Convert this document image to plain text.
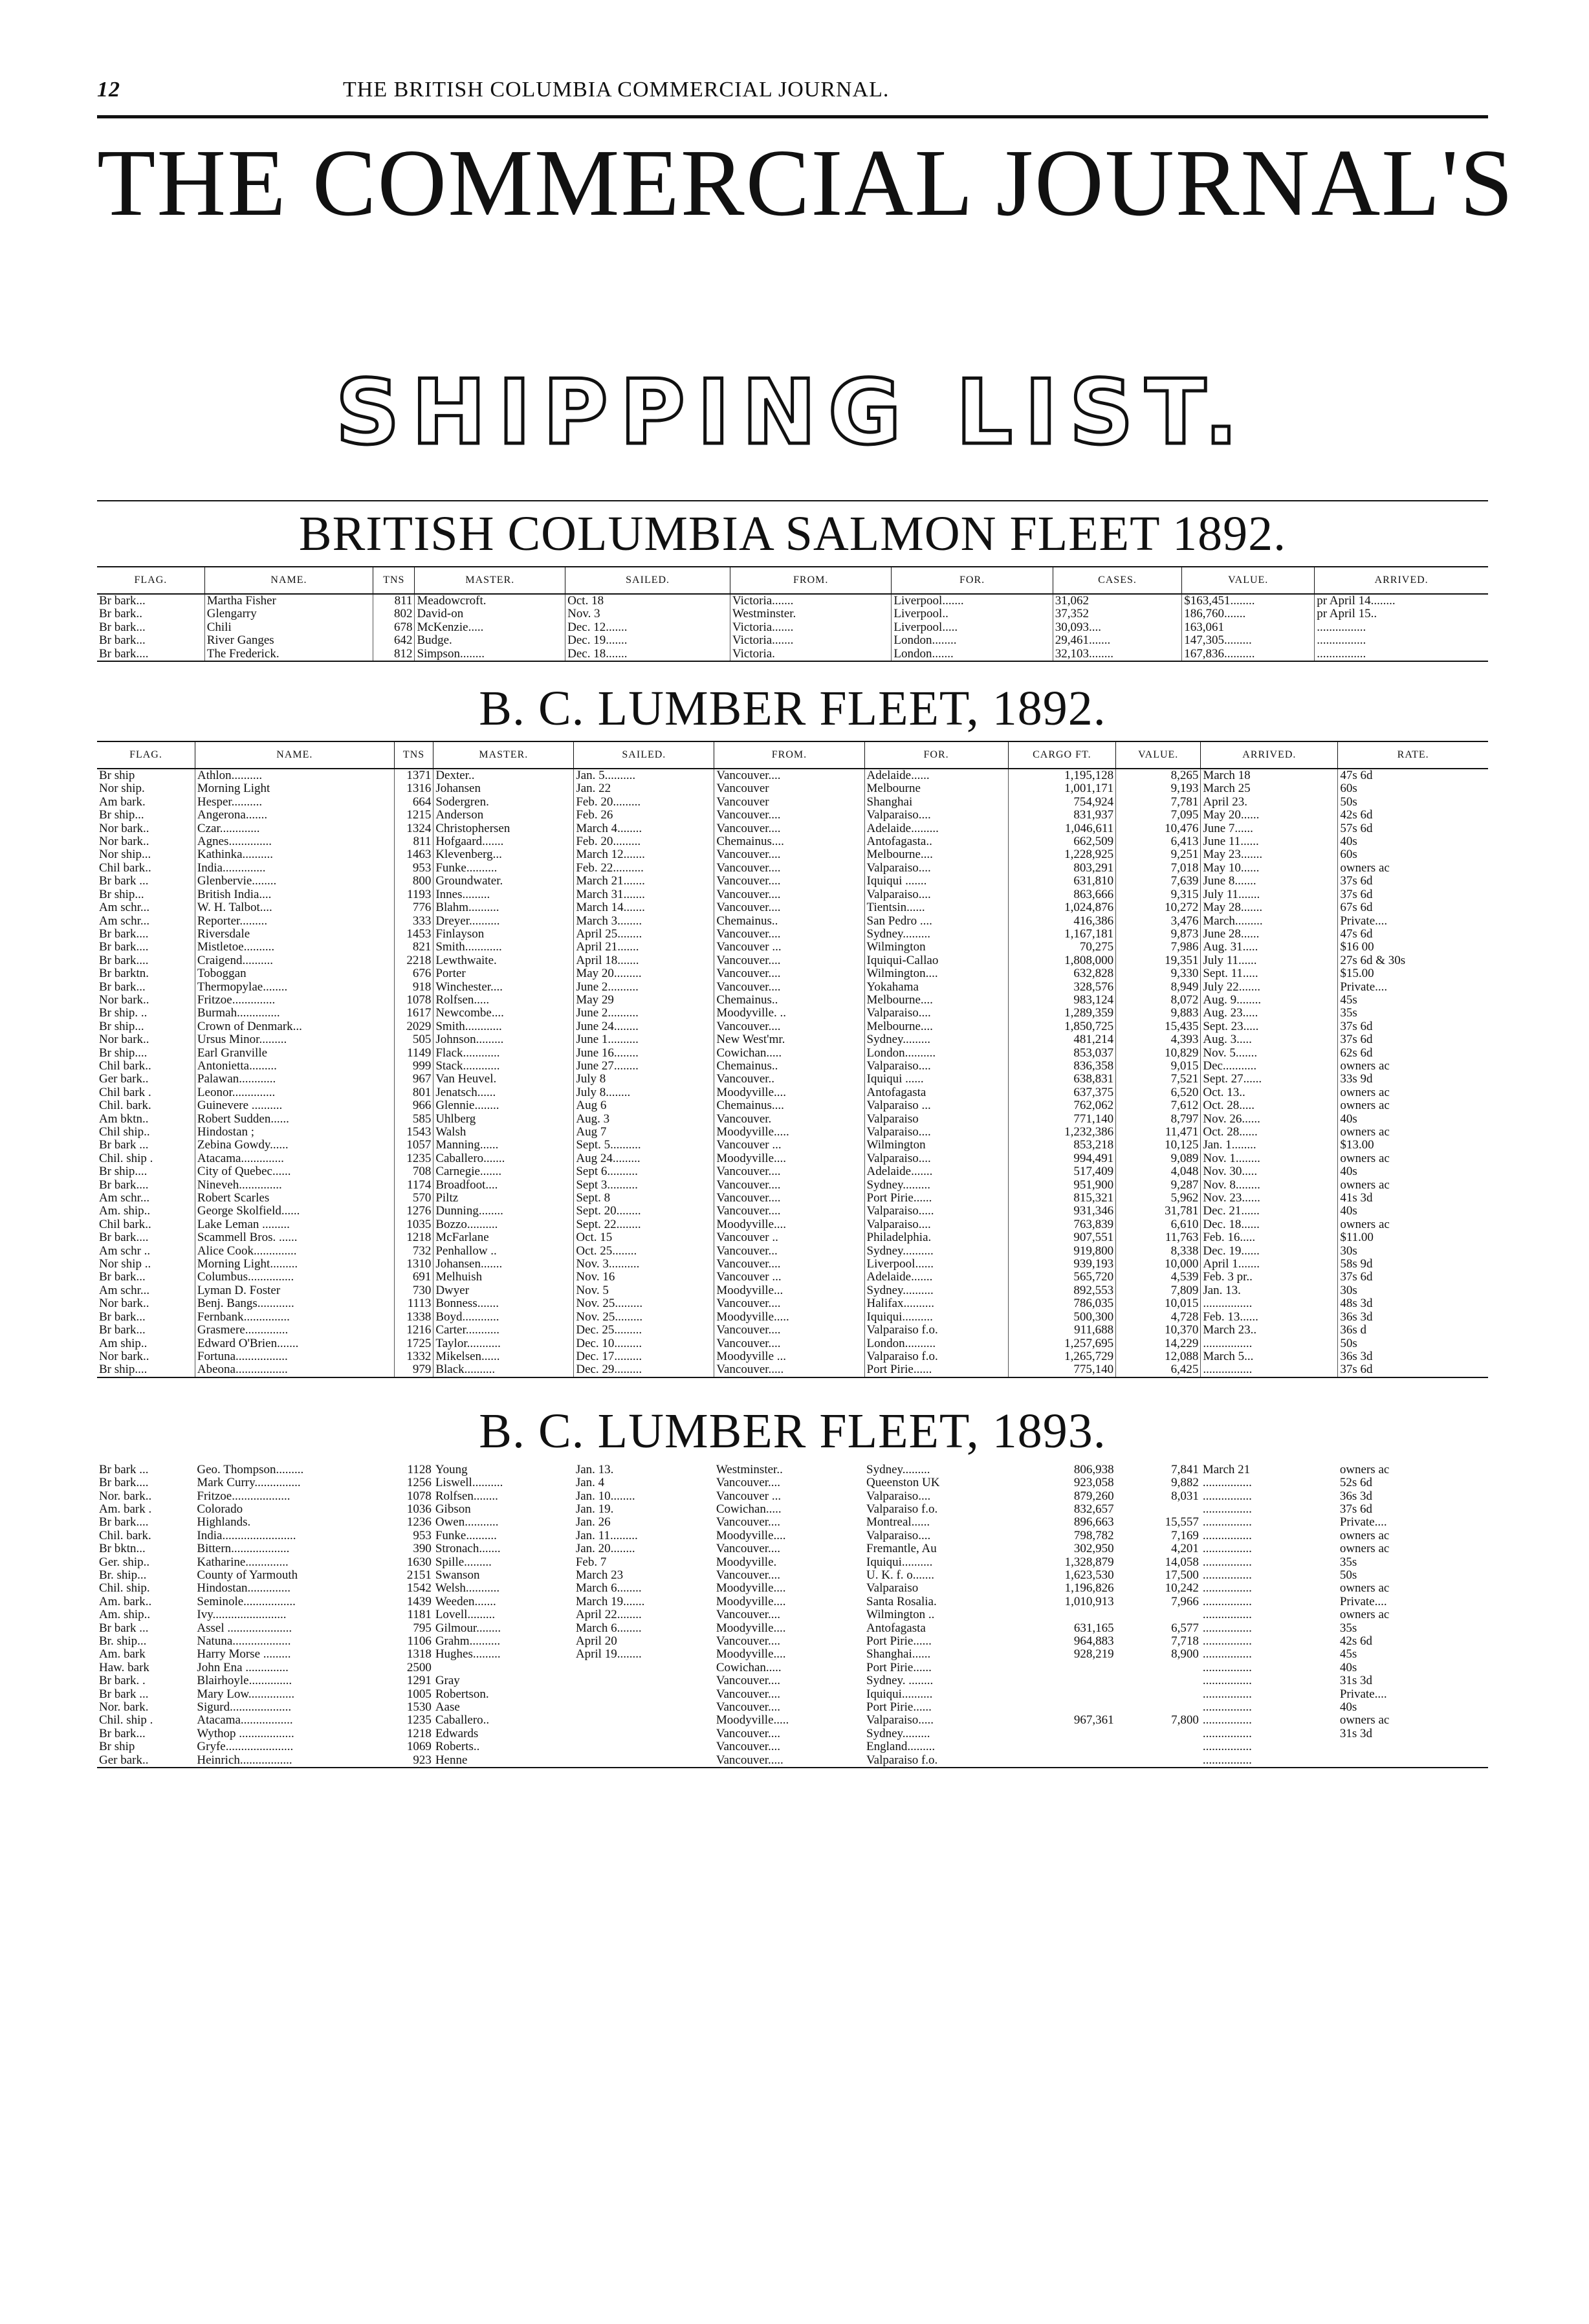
12	THE BRITISH COLUMBIA COMMERCIAL JOURNAL.
THE COMMERCIAL JOURNAL'S
SHIPPING LIST.
BRITISH COLUMBIA SALMON FLEET 1892.
FLAG.	NAME.	TNS	MASTER.	SAILED.	FROM.	FOR.	CASES.	VALUE.	ARRIVED.
Br bark...	Martha Fisher	811	Meadowcroft.	Oct. 18	Victoria.......	Liverpool.......	31,062	$163,451........	pr April 14........
Br bark..	Glengarry	802	David-on	Nov. 3	Westminster.	Liverpool..	37,352	186,760.......	pr April 15..
Br bark...	Chili	678	McKenzie.....	Dec. 12.......	Victoria.......	Liverpool.....	30,093....	163,061	................
Br bark...	River Ganges	642	Budge.	Dec. 19.......	Victoria.......	London........	29,461.......	147,305.........	................
Br bark....	The Frederick.	812	Simpson........	Dec. 18.......	Victoria.	London.......	32,103........	167,836..........	................
B. C. LUMBER FLEET, 1892.
FLAG.	NAME.	TNS	MASTER.	SAILED.	FROM.	FOR.	CARGO FT.	VALUE.	ARRIVED.	RATE.
Br ship	Athlon..........	1371	Dexter..	Jan. 5..........	Vancouver....	Adelaide......	1,195,128	8,265	March 18	47s 6d
Nor ship.	Morning Light	1316	Johansen	Jan. 22	Vancouver	Melbourne	1,001,171	9,193	March 25	60s
Am bark.	Hesper..........	664	Sodergren.	Feb. 20.........	Vancouver	Shanghai	754,924	7,781	April 23.	50s
Br ship...	Angerona.......	1215	Anderson	Feb. 26	Vancouver....	Valparaiso....	831,937	7,095	May 20......	42s 6d
Nor bark..	Czar.............	1324	Christophersen	March 4........	Vancouver....	Adelaide.........	1,046,611	10,476	June 7......	57s 6d
Nor bark..	Agnes..............	811	Hofgaard.......	Feb. 20.........	Chemainus....	Antofagasta..	662,509	6,413	June 11......	40s
Nor ship...	Kathinka..........	1463	Klevenberg...	March 12.......	Vancouver....	Melbourne....	1,228,925	9,251	May 23.......	60s
Chil bark..	India..............	953	Funke..........	Feb. 22..........	Vancouver....	Valparaiso....	803,291	7,018	May 10......	owners ac
Br bark ...	Glenbervie........	800	Groundwater.	March 21.......	Vancouver....	Iquiqui .......	631,810	7,639	June 8.......	37s 6d
Br ship...	British India....	1193	Innes.........	March 31.......	Vancouver....	Valparaiso....	863,666	9,315	July 11.......	37s 6d
Am schr...	W. H. Talbot....	776	Blahm..........	March 14.......	Vancouver....	Tientsin......	1,024,876	10,272	May 28.......	67s 6d
Am schr...	Reporter.........	333	Dreyer..........	March 3........	Chemainus..	San Pedro ....	416,386	3,476	March.........	Private....
Br bark....	Riversdale	1453	Finlayson	April 25........	Vancouver....	Sydney.........	1,167,181	9,873	June 28......	47s 6d
Br bark....	Mistletoe..........	821	Smith............	April 21.......	Vancouver ...	Wilmington	70,275	7,986	Aug. 31.....	$16 00
Br bark....	Craigend..........	2218	Lewthwaite.	April 18.......	Vancouver....	Iquiqui-Callao	1,808,000	19,351	July 11......	27s 6d & 30s
Br barktn.	Toboggan	676	Porter	May 20.........	Vancouver....	Wilmington....	632,828	9,330	Sept. 11.....	$15.00
Br bark...	Thermopylae........	918	Winchester....	June 2..........	Vancouver....	Yokahama	328,576	8,949	July 22.......	Private....
Nor bark..	Fritzoe..............	1078	Rolfsen.....	May 29	Chemainus..	Melbourne....	983,124	8,072	Aug. 9........	45s
Br ship. ..	Burmah..............	1617	Newcombe....	June 2..........	Moodyville. ..	Valparaiso....	1,289,359	9,883	Aug. 23.....	35s
Br ship...	Crown of Denmark...	2029	Smith............	June 24........	Vancouver....	Melbourne....	1,850,725	15,435	Sept. 23.....	37s 6d
Nor bark..	Ursus Minor.........	505	Johnson.........	June 1..........	New West'mr.	Sydney.........	481,214	4,393	Aug. 3.....	37s 6d
Br ship....	Earl Granville	1149	Flack............	June 16........	Cowichan.....	London..........	853,037	10,829	Nov. 5.......	62s 6d
Chil bark..	Antonietta.........	999	Stack............	June 27........	Chemainus..	Valparaiso....	836,358	9,015	Dec...........	owners ac
Ger bark..	Palawan............	967	Van Heuvel.	July 8	Vancouver..	Iquiqui ......	638,831	7,521	Sept. 27......	33s 9d
Chil bark .	Leonor..............	801	Jenatsch......	July 8........	Moodyville....	Antofagasta	637,375	6,520	Oct. 13..	owners ac
Chil. bark.	Guinevere ..........	966	Glennie........	Aug 6	Chemainus....	Valparaiso ...	762,062	7,612	Oct. 28.....	owners ac
Am bktn..	Robert Sudden......	585	Uhlberg	Aug. 3	Vancouver.	Valparaiso	771,140	8,797	Nov. 26......	40s
Chil ship..	Hindostan ;	1543	Walsh	Aug 7	Moodyville.....	Valparaiso....	1,232,386	11,471	Oct. 28......	owners ac
Br bark ...	Zebina Gowdy......	1057	Manning......	Sept. 5..........	Vancouver ...	Wilmington	853,218	10,125	Jan. 1........	$13.00
Chil. ship .	Atacama..............	1235	Caballero.......	Aug 24.........	Moodyville....	Valparaiso....	994,491	9,089	Nov. 1........	owners ac
Br ship....	City of Quebec......	708	Carnegie.......	Sept 6..........	Vancouver....	Adelaide.......	517,409	4,048	Nov. 30.....	40s
Br bark....	Nineveh..............	1174	Broadfoot....	Sept 3..........	Vancouver....	Sydney.........	951,900	9,287	Nov. 8........	owners ac
Am schr...	Robert Scarles	570	Piltz	Sept. 8	Vancouver....	Port Pirie......	815,321	5,962	Nov. 23......	41s 3d
Am. ship..	George Skolfield......	1276	Dunning........	Sept. 20........	Vancouver....	Valparaiso.....	931,346	31,781	Dec. 21......	40s
Chil bark..	Lake Leman .........	1035	Bozzo..........	Sept. 22........	Moodyville....	Valparaiso....	763,839	6,610	Dec. 18......	owners ac
Br bark....	Scammell Bros. ......	1218	McFarlane	Oct. 15	Vancouver ..	Philadelphia.	907,551	11,763	Feb. 16.....	$11.00
Am schr ..	Alice Cook..............	732	Penhallow ..	Oct. 25........	Vancouver...	Sydney..........	919,800	8,338	Dec. 19......	30s
Nor ship ..	Morning Light.........	1310	Johansen.......	Nov. 3..........	Vancouver....	Liverpool......	939,193	10,000	April 1.......	58s 9d
Br bark...	Columbus...............	691	Melhuish	Nov. 16	Vancouver ...	Adelaide.......	565,720	4,539	Feb. 3 pr..	37s 6d
Am schr...	Lyman D. Foster	730	Dwyer	Nov. 5	Moodyville...	Sydney..........	892,553	7,809	Jan. 13.	30s
Nor bark..	Benj. Bangs............	1113	Bonness.......	Nov. 25.........	Vancouver....	Halifax..........	786,035	10,015	................	48s 3d
Br bark...	Fernbank...............	1338	Boyd............	Nov. 25.........	Moodyville.....	Iquiqui..........	500,300	4,728	Feb. 13......	36s 3d
Br bark...	Grasmere..............	1216	Carter...........	Dec. 25.........	Vancouver....	Valparaiso f.o.	911,688	10,370	March 23..	36s d
Am ship..	Edward O'Brien.......	1725	Taylor...........	Dec. 10.........	Vancouver....	London..........	1,257,695	14,229	................	50s
Nor bark..	Fortuna.................	1332	Mikelsen......	Dec. 17.........	Moodyville ...	Valparaiso f.o.	1,265,729	12,088	March 5...	36s 3d
Br ship....	Abeona.................	979	Black..........	Dec. 29.........	Vancouver.....	Port Pirie......	775,140	6,425	................	37s 6d
B. C. LUMBER FLEET, 1893.
Br bark ...	Geo. Thompson.........	1128	Young	Jan. 13.	Westminster..	Sydney.........	806,938	7,841	March 21	owners ac
Br bark....	Mark Curry...............	1256	Liswell..........	Jan. 4	Vancouver....	Queenston UK	923,058	9,882	................	52s 6d
Nor. bark..	Fritzoe...................	1078	Rolfsen........	Jan. 10........	Vancouver ...	Valparaiso....	879,260	8,031	................	36s 3d
Am. bark .	Colorado	1036	Gibson	Jan. 19.	Cowichan.....	Valparaiso f.o.	832,657		................	37s 6d
Br bark....	Highlands.	1236	Owen...........	Jan. 26	Vancouver....	Montreal......	896,663	15,557	................	Private....
Chil. bark.	India........................	953	Funke..........	Jan. 11.........	Moodyville....	Valparaiso....	798,782	7,169	................	owners ac
Br bktn...	Bittern...................	390	Stronach.......	Jan. 20........	Vancouver....	Fremantle, Au	302,950	4,201	................	owners ac
Ger. ship..	Katharine..............	1630	Spille.........	Feb. 7	Moodyville.	Iquiqui..........	1,328,879	14,058	................	35s
Br. ship...	County of Yarmouth	2151	Swanson	March 23	Vancouver....	U. K. f. o.......	1,623,530	17,500	................	50s
Chil. ship.	Hindostan..............	1542	Welsh...........	March 6........	Moodyville....	Valparaiso	1,196,826	10,242	................	owners ac
Am. bark..	Seminole.................	1439	Weeden.......	March 19.......	Moodyville....	Santa Rosalia.	1,010,913	7,966	................	Private....
Am. ship..	Ivy........................	1181	Lovell.........	April 22........	Vancouver....	Wilmington ..			................	owners ac
Br bark ...	Assel .....................	795	Gilmour........	March 6........	Moodyville....	Antofagasta	631,165	6,577	................	35s
Br. ship...	Natuna...................	1106	Grahm..........	April 20	Vancouver....	Port Pirie......	964,883	7,718	................	42s 6d
Am. bark	Harry Morse .........	1318	Hughes.........	April 19........	Moodyville....	Shanghai......	928,219	8,900	................	45s
Haw. bark	John Ena ..............	2500			Cowichan.....	Port Pirie......			................	40s
Br bark. .	Blairhoyle..............	1291	Gray		Vancouver....	Sydney. ........			................	31s 3d
Br bark ...	Mary Low...............	1005	Robertson.		Vancouver....	Iquiqui..........			................	Private....
Nor. bark.	Sigurd....................	1530	Aase		Vancouver....	Port Pirie......			................	40s
Chil. ship .	Atacama.................	1235	Caballero..		Moodyville.....	Valparaiso.....	967,361	7,800	................	owners ac
Br bark...	Wythop ..................	1218	Edwards		Vancouver....	Sydney.........			................	31s 3d
Br ship	Gryfe......................	1069	Roberts..		Vancouver....	England.........			................	
Ger bark..	Heinrich.................	923	Henne		Vancouver.....	Valparaiso f.o.			................	
